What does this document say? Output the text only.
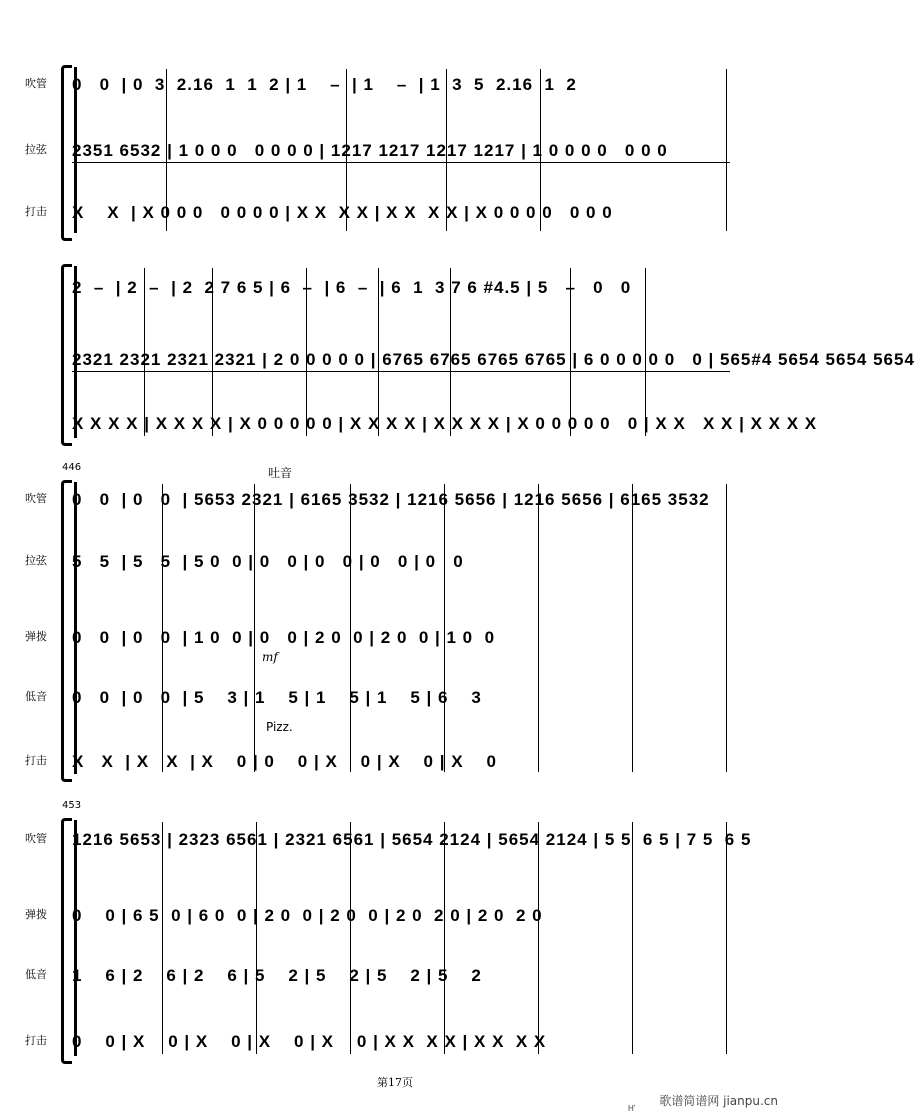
吹管	0   0  | 0  3  2.16  1  1  2 | 1    –  | 1    –  | 1  3  5  2.16  1  2
拉弦	2351 6532 | 1 0 0 0   0 0 0 0 | 1217 1217 1217 1217 | 1 0 0 0 0   0 0 0
打击	X    X  | X 0 0 0   0 0 0 0 | X X  X X | X X  X X | X 0 0 0 0   0 0 0
2  –  | 2  –  | 2  2 7 6 5 | 6  –  | 6  –  | 6  1  3 7 6 #4.5 | 5   –   0   0
2321 2321 2321 2321 | 2 0 0 0 0 0 | 6765 6765 6765 6765 | 6 0 0 0 0 0   0 | 565#4 5654 5654 5654
X X X X | X X X X | X 0 0 0 0 0 | X X X X | X X X X | X 0 0 0 0 0   0 | X X   X X | X X X X
446	吐音
吹管	0   0  | 0   0  | 5653 2321 | 6165 3532 | 1216 5656 | 1216 5656 | 6165 3532
拉弦	5   5  | 5   5  | 5 0  0 | 0   0 | 0   0 | 0   0 | 0   0
弹拨	0   0  | 0   0  | 1 0  0 | 0   0 | 2 0  0 | 2 0  0 | 1 0  0
mf
低音	0   0  | 0   0  | 5    3 | 1    5 | 1    5 | 1    5 | 6    3
Pizz.
打击	X   X  | X   X  | X    0 | 0    0 | X    0 | X    0 | X    0
453
吹管	1216 5653 | 2323 6561 | 2321 6561 | 5654 2124 | 5654 2124 | 5 5  6 5 | 7 5  6 5
弹拨	0    0 | 6 5  0 | 6 0  0 | 2 0  0 | 2 0  0 | 2 0  2 0 | 2 0  2 0
低音	1    6 | 2    6 | 2    6 | 5    2 | 5    2 | 5    2 | 5    2
打击	0    0 | X    0 | X    0 | X    0 | X    0 | X X  X X | X X  X X
第17页
歌谱简谱网 jianpu.cn
H'
